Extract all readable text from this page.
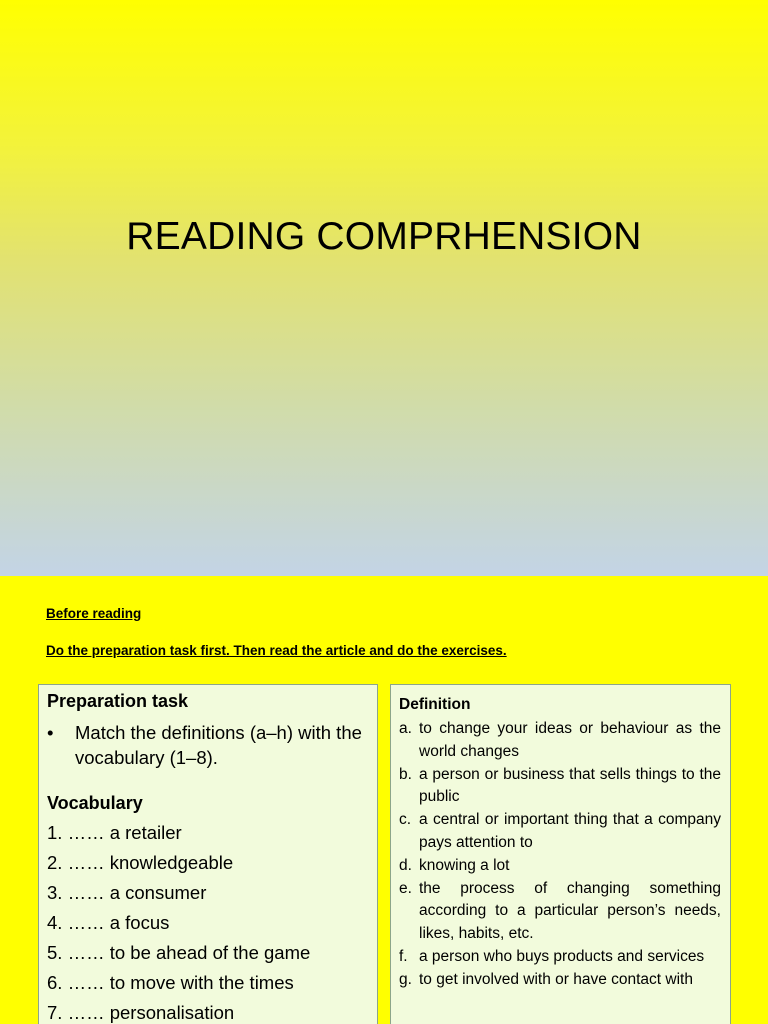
READING COMPRHENSION
Before reading
Do the preparation task first. Then read the article and do the exercises.
Preparation task
•	Match the definitions (a–h) with the vocabulary (1–8).
Vocabulary
1. …… a retailer
2. …… knowledgeable
3. …… a consumer
4. …… a focus
5. …… to be ahead of the game
6. …… to move with the times
7. …… personalisation
Definition
a. to change your ideas or behaviour as the world changes
b. a person or business that sells things to the public
c. a central or important thing that a company pays attention to
d. knowing a lot
e. the process of changing something according to a particular person’s needs, likes, habits, etc.
f. a person who buys products and services
g. to get involved with or have contact with
